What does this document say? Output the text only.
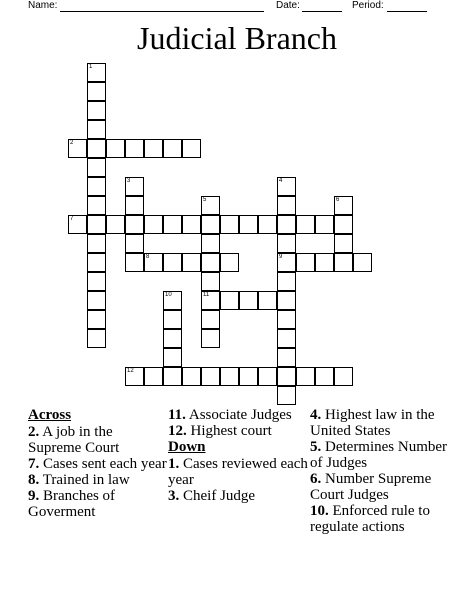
Name:	Date:	Period:
Judicial Branch
1
2
3	4
5	6
7
8	9
10	11
12
Across
2. A job in the Supreme Court
7. Cases sent each year
8. Trained in law
9. Branches of Goverment
11. Associate Judges
12. Highest court
Down
1. Cases reviewed each year
3. Cheif Judge
4. Highest law in the United States
5. Determines Number of Judges
6. Number Supreme Court Judges
10. Enforced rule to regulate actions
